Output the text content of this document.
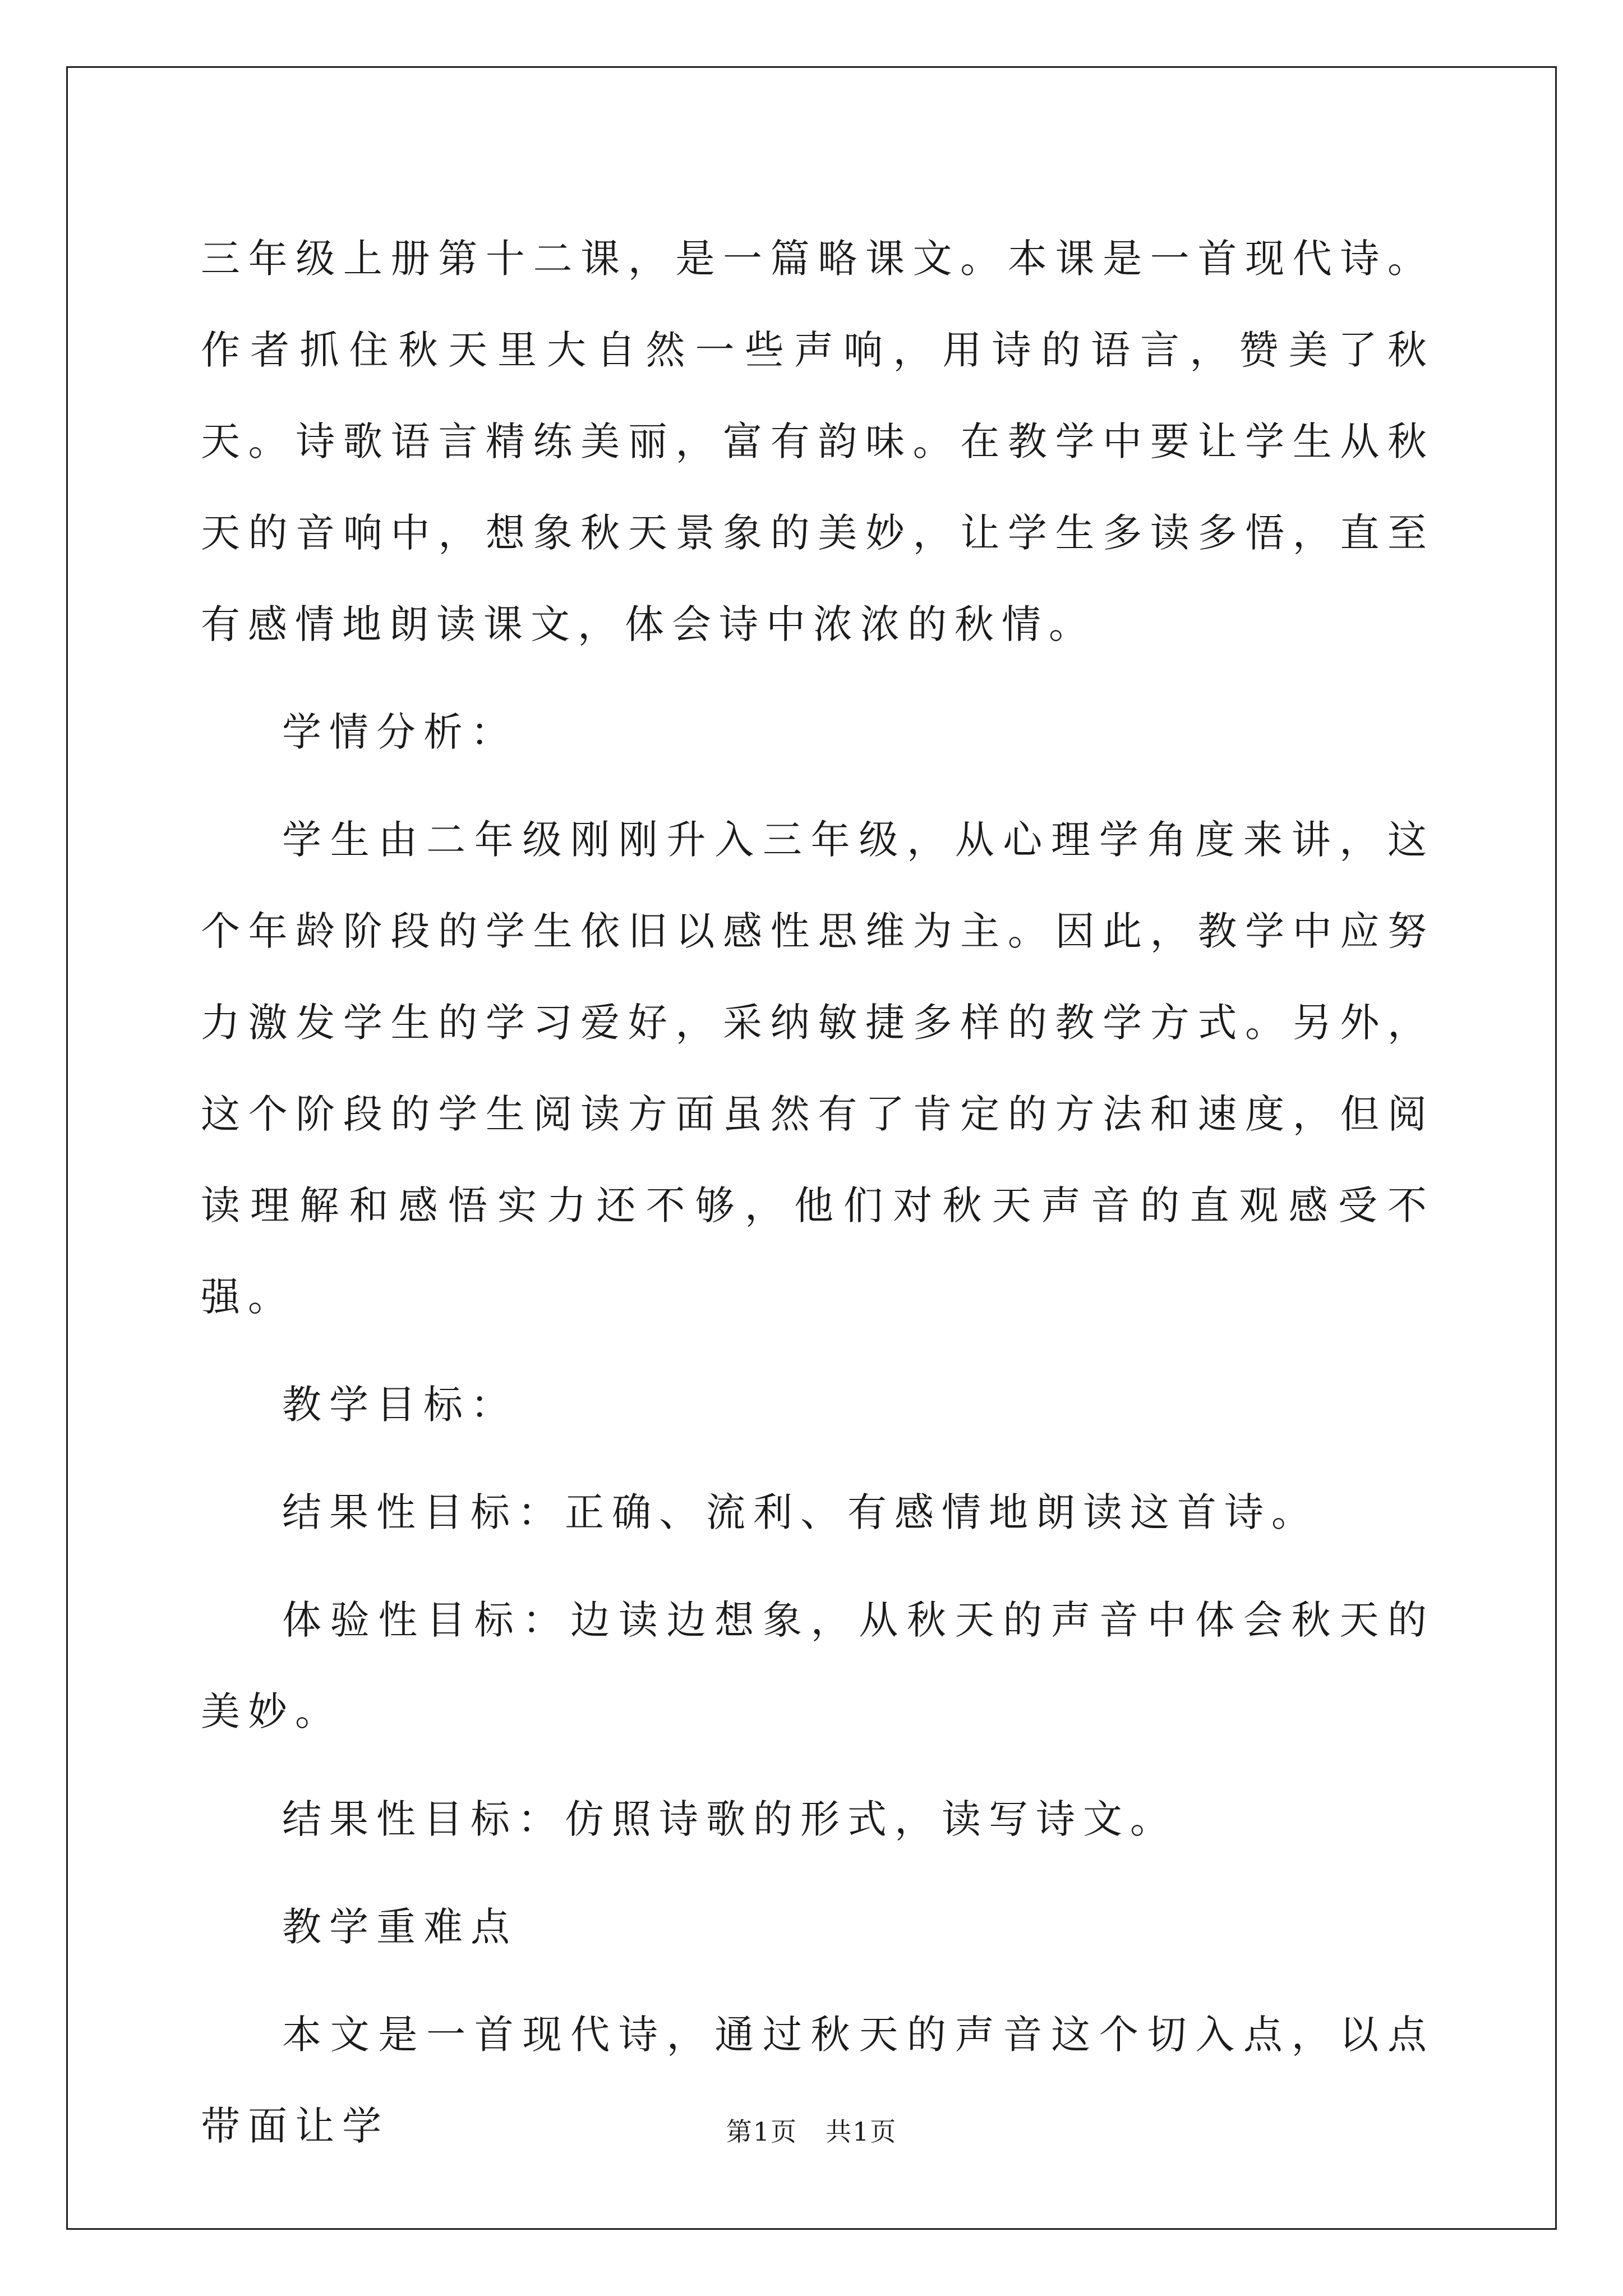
三年级上册第十二课，是一篇略课文。本课是一首现代诗。作者抓住秋天里大自然一些声响，用诗的语言，赞美了秋天。诗歌语言精练美丽，富有韵味。在教学中要让学生从秋天的音响中，想象秋天景象的美妙，让学生多读多悟，直至有感情地朗读课文，体会诗中浓浓的秋情。

学情分析：

学生由二年级刚刚升入三年级，从心理学角度来讲，这个年龄阶段的学生依旧以感性思维为主。因此，教学中应努力激发学生的学习爱好，采纳敏捷多样的教学方式。另外，这个阶段的学生阅读方面虽然有了肯定的方法和速度，但阅读理解和感悟实力还不够，他们对秋天声音的直观感受不强。

教学目标：

结果性目标：正确、流利、有感情地朗读这首诗。

体验性目标：边读边想象，从秋天的声音中体会秋天的美妙。

结果性目标：仿照诗歌的形式，读写诗文。

教学重难点

本文是一首现代诗，通过秋天的声音这个切入点，以点带面让学	第1页 共1页
